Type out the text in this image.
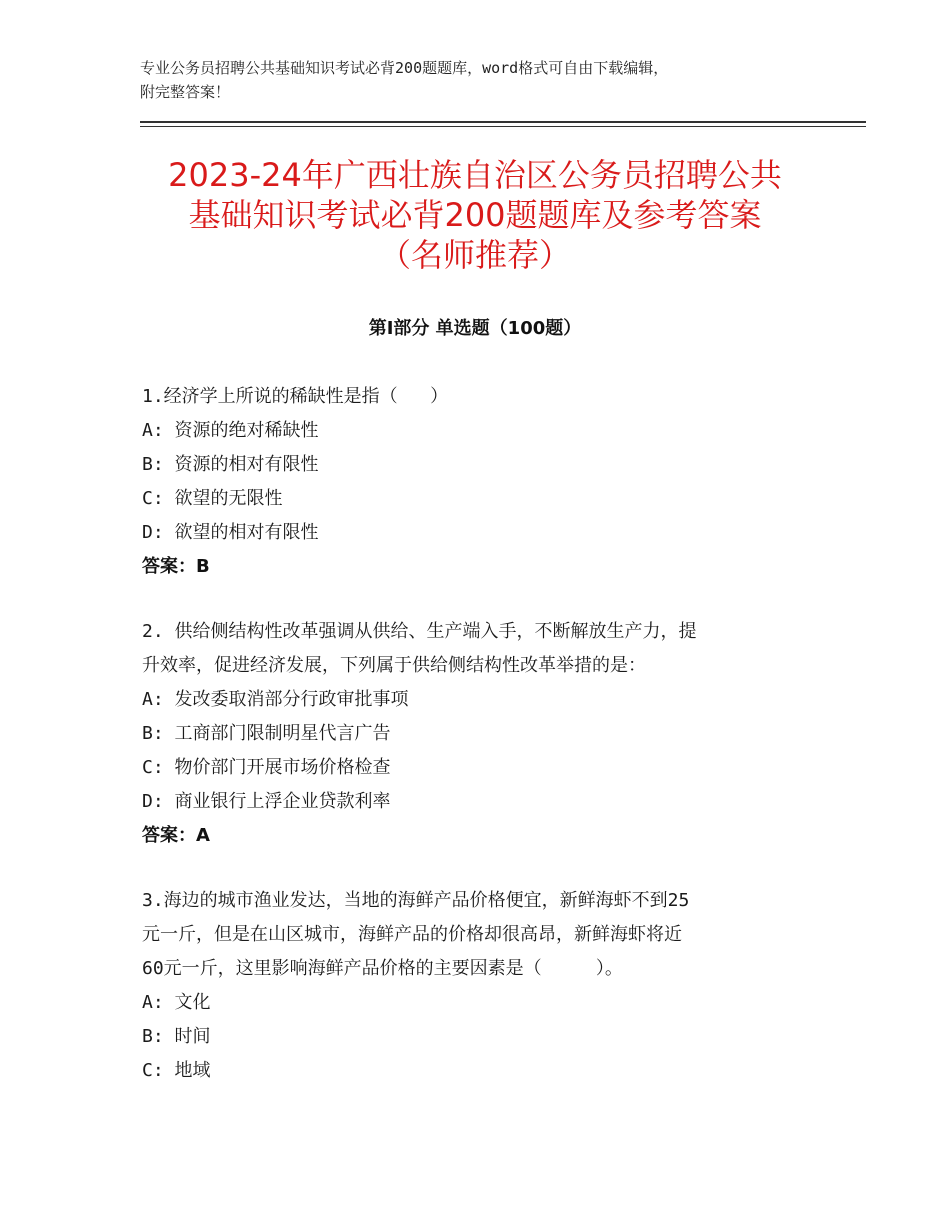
专业公务员招聘公共基础知识考试必背200题题库，word格式可自由下载编辑，
附完整答案！
2023-24年广西壮族自治区公务员招聘公共
基础知识考试必背200题题库及参考答案
（名师推荐）
第Ⅰ部分 单选题（100题）
1.经济学上所说的稀缺性是指（   ）
A: 资源的绝对稀缺性
B: 资源的相对有限性
C: 欲望的无限性
D: 欲望的相对有限性
答案：B
2. 供给侧结构性改革强调从供给、生产端入手，不断解放生产力，提
升效率，促进经济发展，下列属于供给侧结构性改革举措的是：
A: 发改委取消部分行政审批事项
B: 工商部门限制明星代言广告
C: 物价部门开展市场价格检查
D: 商业银行上浮企业贷款利率
答案：A
3.海边的城市渔业发达，当地的海鲜产品价格便宜，新鲜海虾不到25
元一斤，但是在山区城市，海鲜产品的价格却很高昂，新鲜海虾将近
60元一斤，这里影响海鲜产品价格的主要因素是（     ）。
A: 文化
B: 时间
C: 地域
